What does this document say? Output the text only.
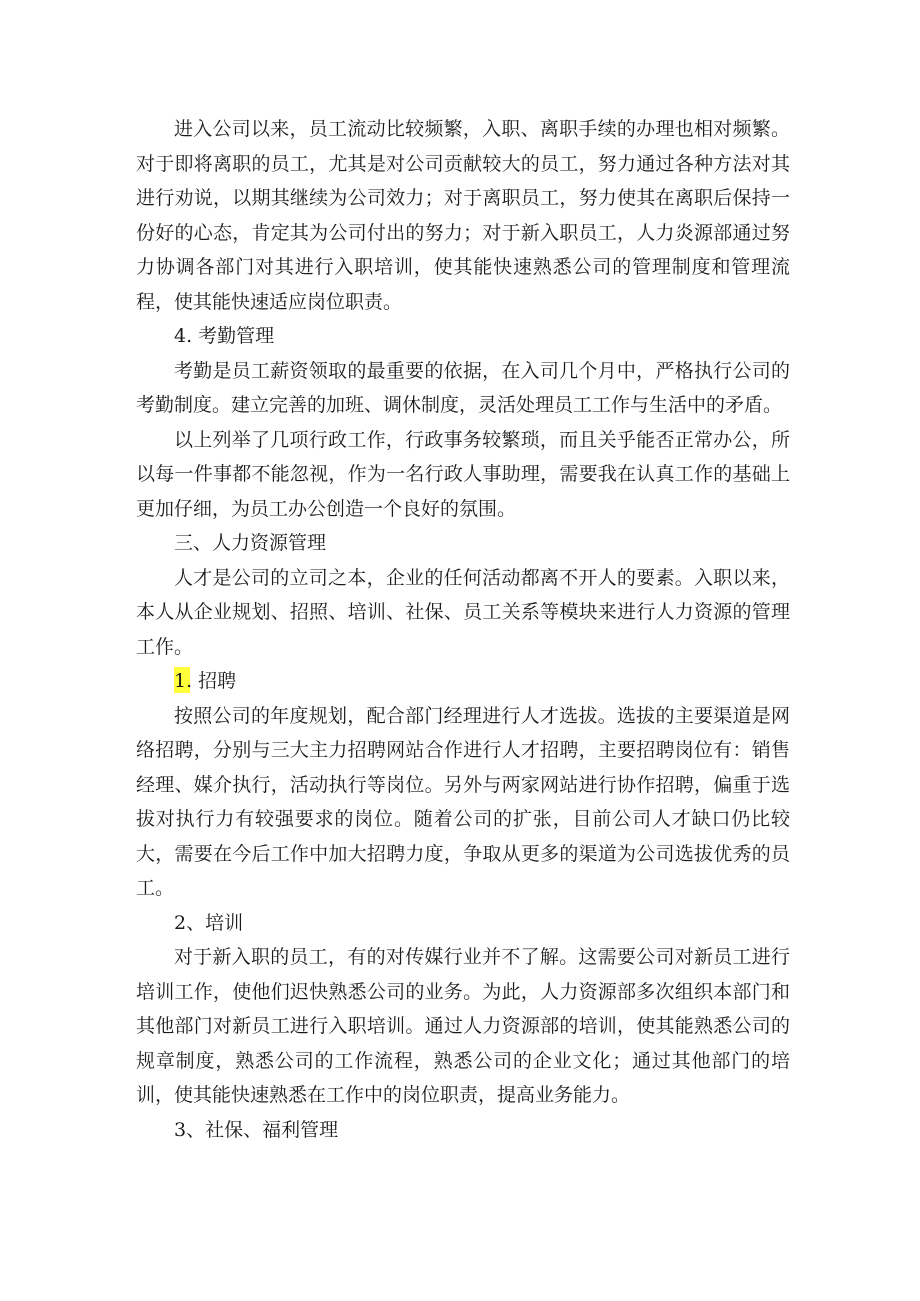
进入公司以来，员工流动比较频繁，入职、离职手续的办理也相对频繁。对于即将离职的员工，尤其是对公司贡献较大的员工，努力通过各种方法对其进行劝说，以期其继续为公司效力；对于离职员工，努力使其在离职后保持一份好的心态，肯定其为公司付出的努力；对于新入职员工，人力炎源部通过努力协调各部门对其进行入职培训，使其能快速熟悉公司的管理制度和管理流程，使其能快速适应岗位职责。

4. 考勤管理

考勤是员工薪资领取的最重要的依据，在入司几个月中，严格执行公司的考勤制度。建立完善的加班、调休制度，灵活处理员工工作与生活中的矛盾。

以上列举了几项行政工作，行政事务较繁琐，而且关乎能否正常办公，所以每一件事都不能忽视，作为一名行政人事助理，需要我在认真工作的基础上更加仔细，为员工办公创造一个良好的氛围。

三、人力资源管理

人才是公司的立司之本，企业的任何活动都离不开人的要素。入职以来，本人从企业规划、招照、培训、社保、员工关系等模块来进行人力资源的管理工作。

1. 招聘

按照公司的年度规划，配合部门经理进行人才选拔。选拔的主要渠道是网络招聘，分别与三大主力招聘网站合作进行人才招聘，主要招聘岗位有：销售经理、媒介执行，活动执行等岗位。另外与两家网站进行协作招聘，偏重于选拔对执行力有较强要求的岗位。随着公司的扩张，目前公司人才缺口仍比较大，需要在今后工作中加大招聘力度，争取从更多的渠道为公司选拔优秀的员工。

2、培训

对于新入职的员工，有的对传媒行业并不了解。这需要公司对新员工进行培训工作，使他们迟快熟悉公司的业务。为此，人力资源部多次组织本部门和其他部门对新员工进行入职培训。通过人力资源部的培训，使其能熟悉公司的规章制度，熟悉公司的工作流程，熟悉公司的企业文化；通过其他部门的培训，使其能快速熟悉在工作中的岗位职责，提高业务能力。

3、社保、福利管理
